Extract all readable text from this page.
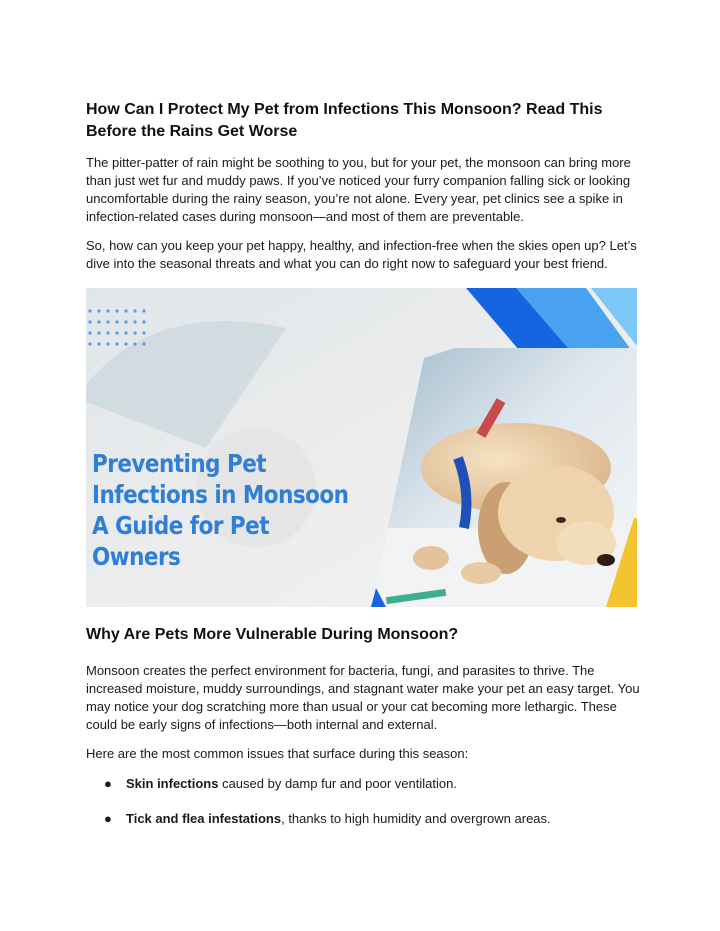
How Can I Protect My Pet from Infections This Monsoon? Read This Before the Rains Get Worse

The pitter-patter of rain might be soothing to you, but for your pet, the monsoon can bring more than just wet fur and muddy paws. If you’ve noticed your furry companion falling sick or looking uncomfortable during the rainy season, you’re not alone. Every year, pet clinics see a spike in infection-related cases during monsoon—and most of them are preventable.

So, how can you keep your pet happy, healthy, and infection-free when the skies open up? Let’s dive into the seasonal threats and what you can do right now to safeguard your best friend.

Preventing Pet Infections in Monsoon A Guide for Pet Owners
Why Are Pets More Vulnerable During Monsoon?

Monsoon creates the perfect environment for bacteria, fungi, and parasites to thrive. The increased moisture, muddy surroundings, and stagnant water make your pet an easy target. You may notice your dog scratching more than usual or your cat becoming more lethargic. These could be early signs of infections—both internal and external.

Here are the most common issues that surface during this season:

● Skin infections caused by damp fur and poor ventilation.
● Tick and flea infestations, thanks to high humidity and overgrown areas.
